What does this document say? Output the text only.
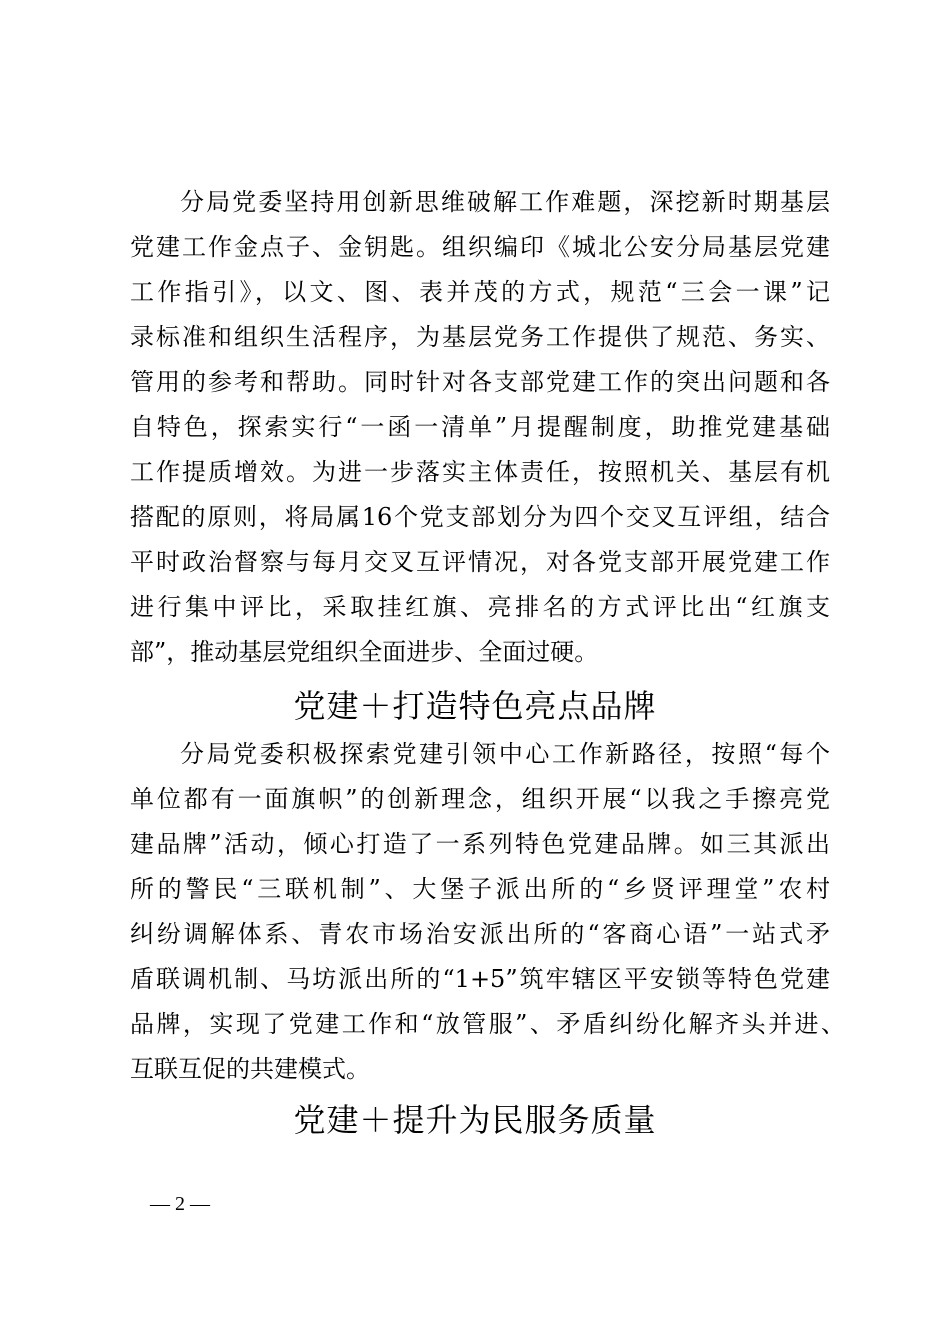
分局党委坚持用创新思维破解工作难题，深挖新时期基层
党建工作金点子、金钥匙。组织编印《城北公安分局基层党建
工作指引》，以文、图、表并茂的方式，规范“三会一课”记
录标准和组织生活程序，为基层党务工作提供了规范、务实、
管用的参考和帮助。同时针对各支部党建工作的突出问题和各
自特色，探索实行“一函一清单”月提醒制度，助推党建基础
工作提质增效。为进一步落实主体责任，按照机关、基层有机
搭配的原则，将局属16个党支部划分为四个交叉互评组，结合
平时政治督察与每月交叉互评情况，对各党支部开展党建工作
进行集中评比，采取挂红旗、亮排名的方式评比出“红旗支
部”，推动基层党组织全面进步、全面过硬。
党建＋打造特色亮点品牌
分局党委积极探索党建引领中心工作新路径，按照“每个
单位都有一面旗帜”的创新理念，组织开展“以我之手擦亮党
建品牌”活动，倾心打造了一系列特色党建品牌。如三其派出
所的警民“三联机制”、大堡子派出所的“乡贤评理堂”农村
纠纷调解体系、青农市场治安派出所的“客商心语”一站式矛
盾联调机制、马坊派出所的“1+5”筑牢辖区平安锁等特色党建
品牌，实现了党建工作和“放管服”、矛盾纠纷化解齐头并进、
互联互促的共建模式。
党建＋提升为民服务质量
— 2 —
